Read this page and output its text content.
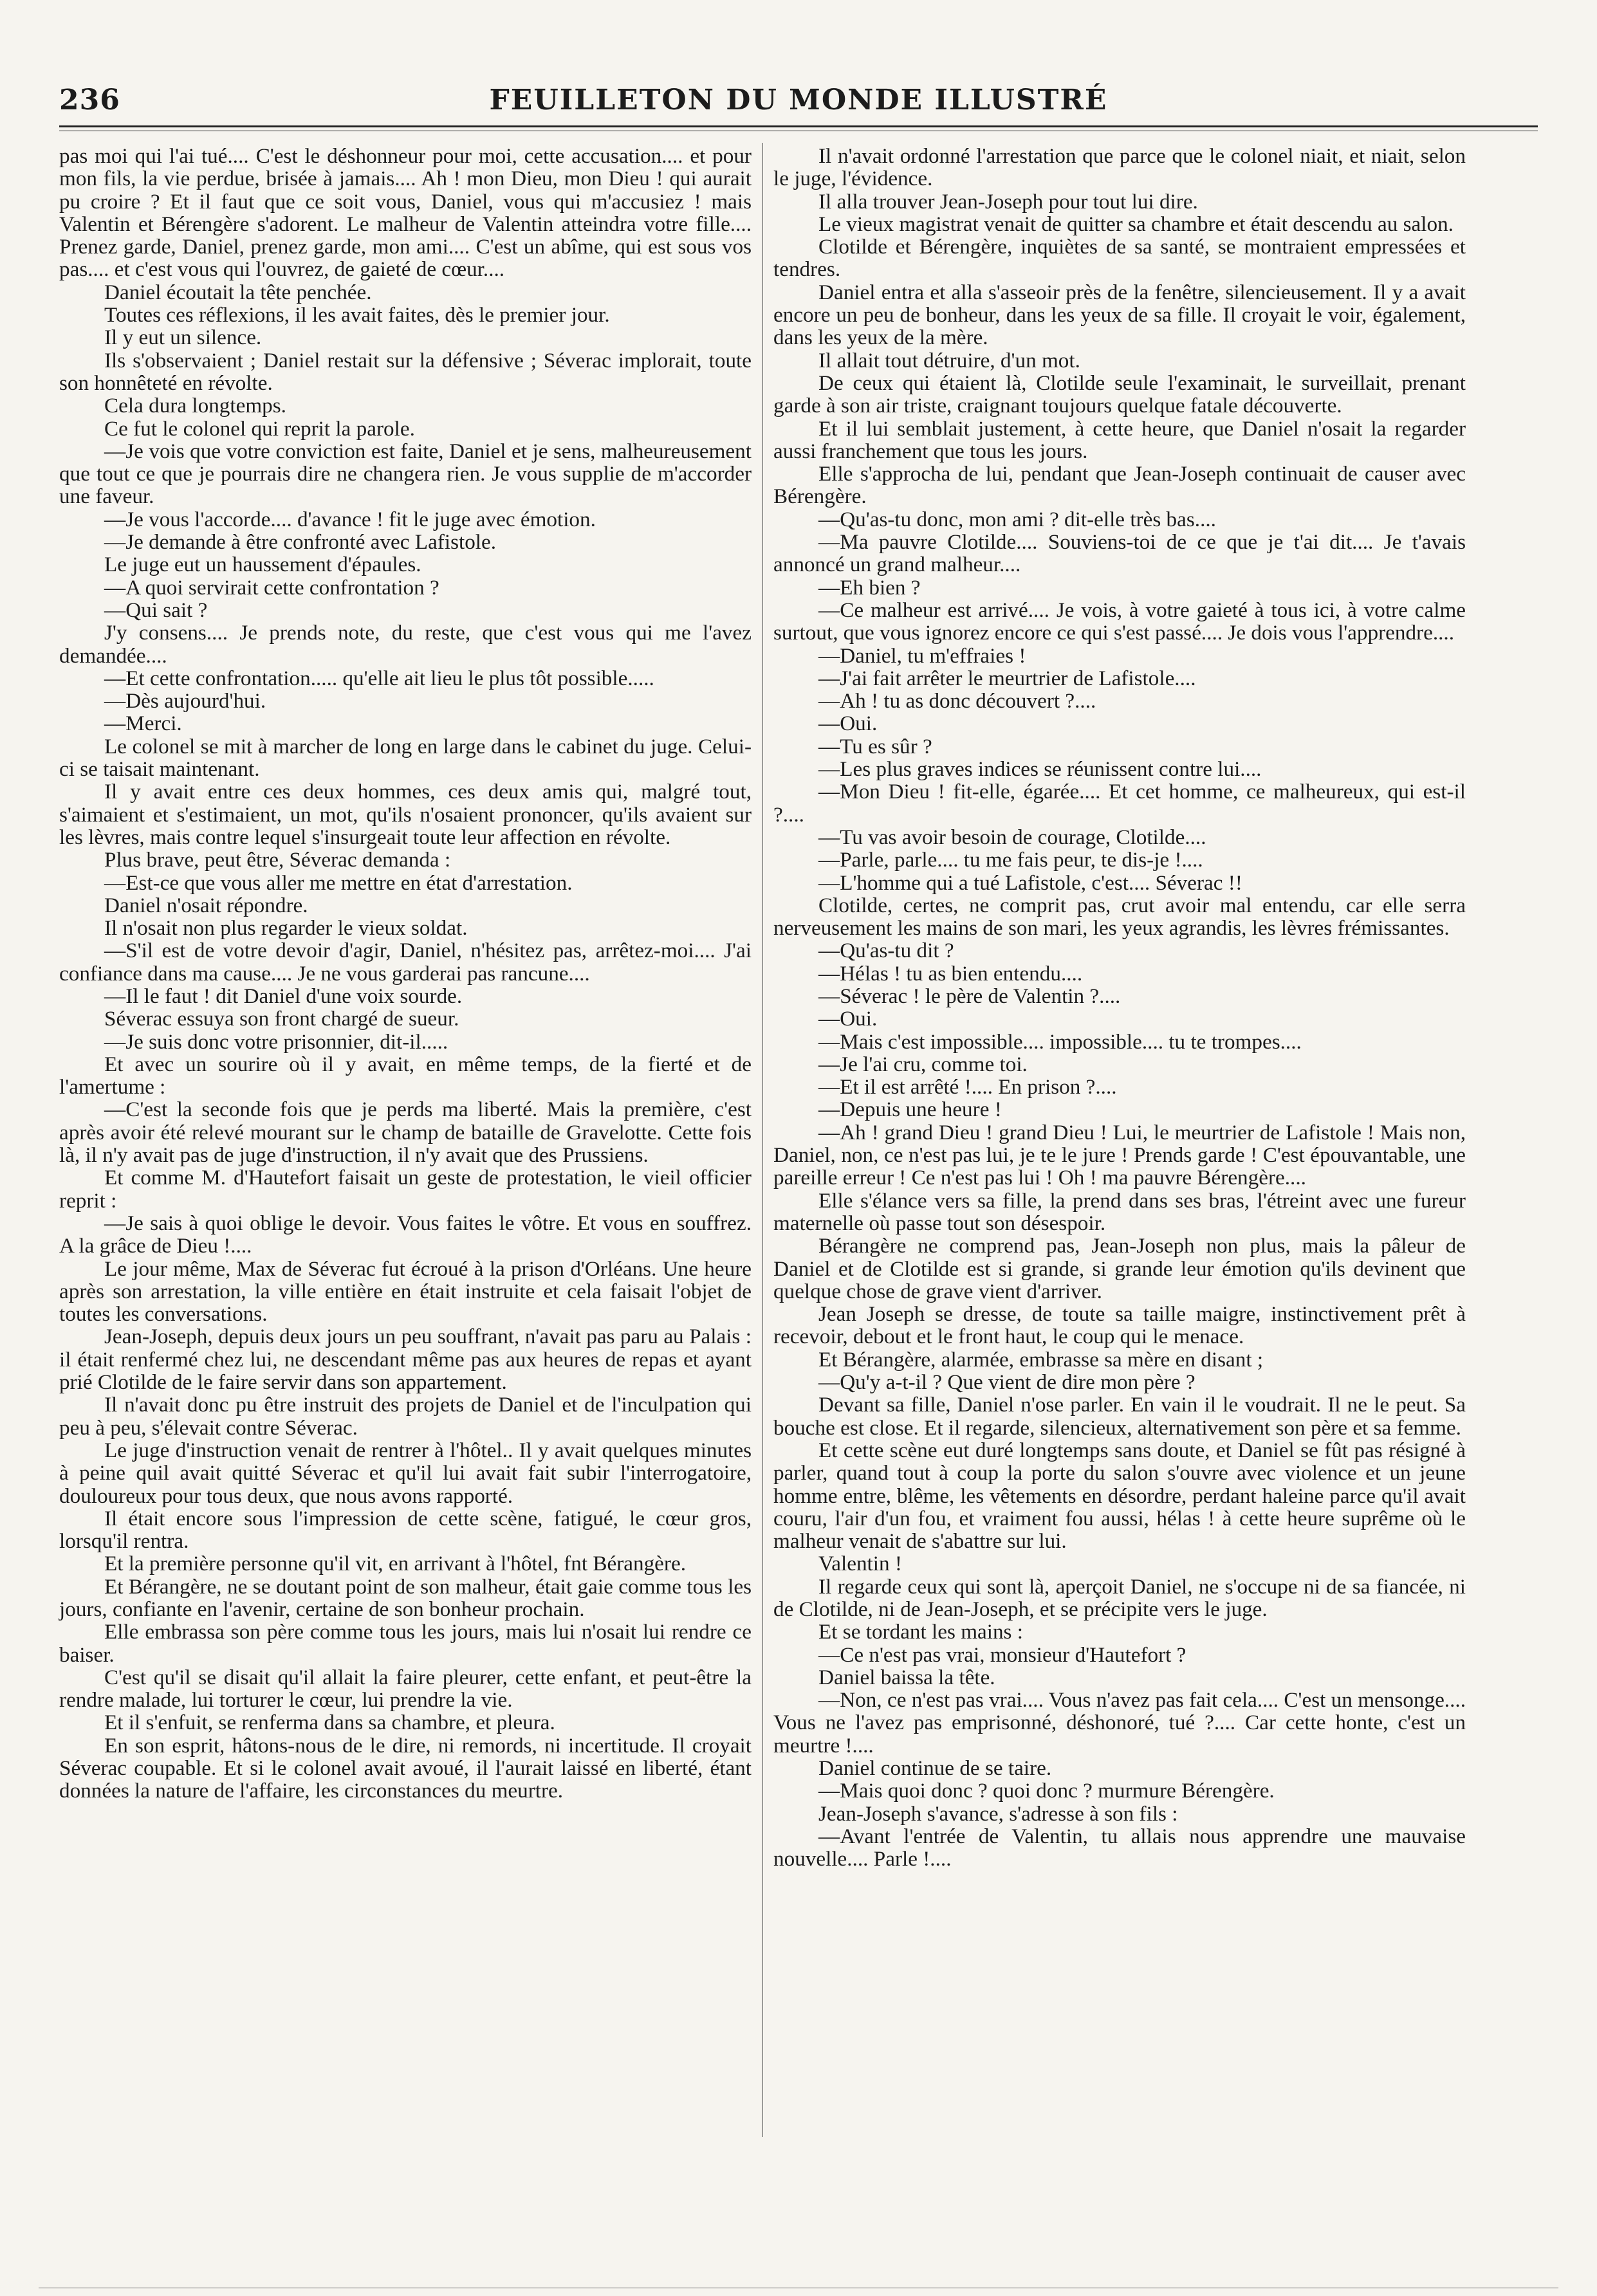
236	FEUILLETON DU MONDE ILLUSTRÉ

pas moi qui l'ai tué.... C'est le déshonneur pour moi, cette accusation.... et pour mon fils, la vie perdue, brisée à jamais.... Ah ! mon Dieu, mon Dieu ! qui aurait pu croire ? Et il faut que ce soit vous, Daniel, vous qui m'accusiez ! mais Valentin et Bérengère s'adorent. Le malheur de Valentin atteindra votre fille.... Prenez garde, Daniel, prenez garde, mon ami.... C'est un abîme, qui est sous vos pas.... et c'est vous qui l'ouvrez, de gaieté de cœur....

Daniel écoutait la tête penchée.

Toutes ces réflexions, il les avait faites, dès le premier jour.

Il y eut un silence.

Ils s'observaient ; Daniel restait sur la défensive ; Séverac implorait, toute son honnêteté en révolte.

Cela dura longtemps.

Ce fut le colonel qui reprit la parole.

—Je vois que votre conviction est faite, Daniel et je sens, malheureusement que tout ce que je pourrais dire ne changera rien. Je vous supplie de m'accorder une faveur.

—Je vous l'accorde.... d'avance ! fit le juge avec émotion.

—Je demande à être confronté avec Lafistole.

Le juge eut un haussement d'épaules.

—A quoi servirait cette confrontation ?

—Qui sait ?

J'y consens.... Je prends note, du reste, que c'est vous qui me l'avez demandée....

—Et cette confrontation..... qu'elle ait lieu le plus tôt possible.....

—Dès aujourd'hui.

—Merci.

Le colonel se mit à marcher de long en large dans le cabinet du juge. Celui-ci se taisait maintenant.

Il y avait entre ces deux hommes, ces deux amis qui, malgré tout, s'aimaient et s'estimaient, un mot, qu'ils n'osaient prononcer, qu'ils avaient sur les lèvres, mais contre lequel s'insurgeait toute leur affection en révolte.

Plus brave, peut être, Séverac demanda :

—Est-ce que vous aller me mettre en état d'arrestation.

Daniel n'osait répondre.

Il n'osait non plus regarder le vieux soldat.

—S'il est de votre devoir d'agir, Daniel, n'hésitez pas, arrêtez-moi.... J'ai confiance dans ma cause.... Je ne vous garderai pas rancune....

—Il le faut ! dit Daniel d'une voix sourde.

Séverac essuya son front chargé de sueur.

—Je suis donc votre prisonnier, dit-il.....

Et avec un sourire où il y avait, en même temps, de la fierté et de l'amertume :

—C'est la seconde fois que je perds ma liberté. Mais la première, c'est après avoir été relevé mourant sur le champ de bataille de Gravelotte. Cette fois là, il n'y avait pas de juge d'instruction, il n'y avait que des Prussiens.

Et comme M. d'Hautefort faisait un geste de protestation, le vieil officier reprit :

—Je sais à quoi oblige le devoir. Vous faites le vôtre. Et vous en souffrez. A la grâce de Dieu !....

Le jour même, Max de Séverac fut écroué à la prison d'Orléans. Une heure après son arrestation, la ville entière en était instruite et cela faisait l'objet de toutes les conversations.

Jean-Joseph, depuis deux jours un peu souffrant, n'avait pas paru au Palais : il était renfermé chez lui, ne descendant même pas aux heures de repas et ayant prié Clotilde de le faire servir dans son appartement.

Il n'avait donc pu être instruit des projets de Daniel et de l'inculpation qui peu à peu, s'élevait contre Séverac.

Le juge d'instruction venait de rentrer à l'hôtel.. Il y avait quelques minutes à peine quil avait quitté Séverac et qu'il lui avait fait subir l'interrogatoire, douloureux pour tous deux, que nous avons rapporté.

Il était encore sous l'impression de cette scène, fatigué, le cœur gros, lorsqu'il rentra.

Et la première personne qu'il vit, en arrivant à l'hôtel, fnt Bérangère.

Et Bérangère, ne se doutant point de son malheur, était gaie comme tous les jours, confiante en l'avenir, certaine de son bonheur prochain.

Elle embrassa son père comme tous les jours, mais lui n'osait lui rendre ce baiser.

C'est qu'il se disait qu'il allait la faire pleurer, cette enfant, et peut-être la rendre malade, lui torturer le cœur, lui prendre la vie.

Et il s'enfuit, se renferma dans sa chambre, et pleura.

En son esprit, hâtons-nous de le dire, ni remords, ni incertitude. Il croyait Séverac coupable. Et si le colonel avait avoué, il l'aurait laissé en liberté, étant données la nature de l'affaire, les circonstances du meurtre.

Il n'avait ordonné l'arrestation que parce que le colonel niait, et niait, selon le juge, l'évidence.

Il alla trouver Jean-Joseph pour tout lui dire.

Le vieux magistrat venait de quitter sa chambre et était descendu au salon.

Clotilde et Bérengère, inquiètes de sa santé, se montraient empressées et tendres.

Daniel entra et alla s'asseoir près de la fenêtre, silencieusement. Il y a avait encore un peu de bonheur, dans les yeux de sa fille. Il croyait le voir, également, dans les yeux de la mère.

Il allait tout détruire, d'un mot.

De ceux qui étaient là, Clotilde seule l'examinait, le surveillait, prenant garde à son air triste, craignant toujours quelque fatale découverte.

Et il lui semblait justement, à cette heure, que Daniel n'osait la regarder aussi franchement que tous les jours.

Elle s'approcha de lui, pendant que Jean-Joseph continuait de causer avec Bérengère.

—Qu'as-tu donc, mon ami ? dit-elle très bas....

—Ma pauvre Clotilde.... Souviens-toi de ce que je t'ai dit.... Je t'avais annoncé un grand malheur....

—Eh bien ?

—Ce malheur est arrivé.... Je vois, à votre gaieté à tous ici, à votre calme surtout, que vous ignorez encore ce qui s'est passé.... Je dois vous l'apprendre....

—Daniel, tu m'effraies !

—J'ai fait arrêter le meurtrier de Lafistole....

—Ah ! tu as donc découvert ?....

—Oui.

—Tu es sûr ?

—Les plus graves indices se réunissent contre lui....

—Mon Dieu ! fit-elle, égarée.... Et cet homme, ce malheureux, qui est-il ?....

—Tu vas avoir besoin de courage, Clotilde....

—Parle, parle.... tu me fais peur, te dis-je !....

—L'homme qui a tué Lafistole, c'est.... Séverac !!

Clotilde, certes, ne comprit pas, crut avoir mal entendu, car elle serra nerveusement les mains de son mari, les yeux agrandis, les lèvres frémissantes.

—Qu'as-tu dit ?

—Hélas ! tu as bien entendu....

—Séverac ! le père de Valentin ?....

—Oui.

—Mais c'est impossible.... impossible.... tu te trompes....

—Je l'ai cru, comme toi.

—Et il est arrêté !.... En prison ?....

—Depuis une heure !

—Ah ! grand Dieu ! grand Dieu ! Lui, le meurtrier de Lafistole ! Mais non, Daniel, non, ce n'est pas lui, je te le jure ! Prends garde ! C'est épouvantable, une pareille erreur ! Ce n'est pas lui ! Oh ! ma pauvre Bérengère....

Elle s'élance vers sa fille, la prend dans ses bras, l'étreint avec une fureur maternelle où passe tout son désespoir.

Bérangère ne comprend pas, Jean-Joseph non plus, mais la pâleur de Daniel et de Clotilde est si grande, si grande leur émotion qu'ils devinent que quelque chose de grave vient d'arriver.

Jean Joseph se dresse, de toute sa taille maigre, instinctivement prêt à recevoir, debout et le front haut, le coup qui le menace.

Et Bérangère, alarmée, embrasse sa mère en disant ;

—Qu'y a-t-il ? Que vient de dire mon père ?

Devant sa fille, Daniel n'ose parler. En vain il le voudrait. Il ne le peut. Sa bouche est close. Et il regarde, silencieux, alternativement son père et sa femme.

Et cette scène eut duré longtemps sans doute, et Daniel se fût pas résigné à parler, quand tout à coup la porte du salon s'ouvre avec violence et un jeune homme entre, blême, les vêtements en désordre, perdant haleine parce qu'il avait couru, l'air d'un fou, et vraiment fou aussi, hélas ! à cette heure suprême où le malheur venait de s'abattre sur lui.

Valentin !

Il regarde ceux qui sont là, aperçoit Daniel, ne s'occupe ni de sa fiancée, ni de Clotilde, ni de Jean-Joseph, et se précipite vers le juge.

Et se tordant les mains :

—Ce n'est pas vrai, monsieur d'Hautefort ?

Daniel baissa la tête.

—Non, ce n'est pas vrai.... Vous n'avez pas fait cela.... C'est un mensonge.... Vous ne l'avez pas emprisonné, déshonoré, tué ?.... Car cette honte, c'est un meurtre !....

Daniel continue de se taire.

—Mais quoi donc ? quoi donc ? murmure Bérengère.

Jean-Joseph s'avance, s'adresse à son fils :

—Avant l'entrée de Valentin, tu allais nous apprendre une mauvaise nouvelle.... Parle !....
